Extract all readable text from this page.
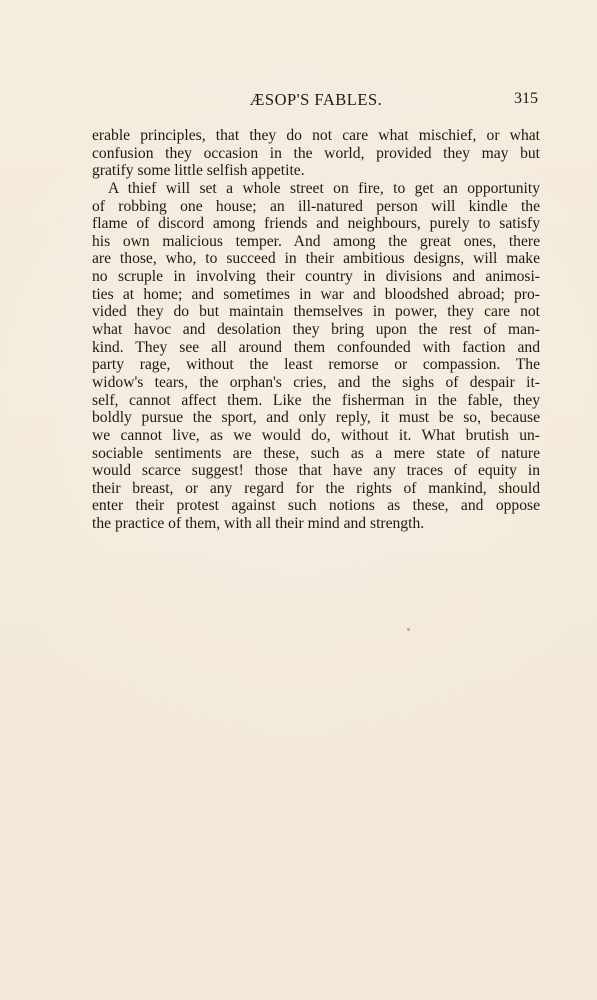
ÆSOP'S FABLES.	315
erable principles, that they do not care what mischief, or what
confusion they occasion in the world, provided they may but
gratify some little selfish appetite.
A thief will set a whole street on fire, to get an opportunity
of robbing one house; an ill-natured person will kindle the
flame of discord among friends and neighbours, purely to satisfy
his own malicious temper. And among the great ones, there
are those, who, to succeed in their ambitious designs, will make
no scruple in involving their country in divisions and animosi-
ties at home; and sometimes in war and bloodshed abroad; pro-
vided they do but maintain themselves in power, they care not
what havoc and desolation they bring upon the rest of man-
kind. They see all around them confounded with faction and
party rage, without the least remorse or compassion. The
widow's tears, the orphan's cries, and the sighs of despair it-
self, cannot affect them. Like the fisherman in the fable, they
boldly pursue the sport, and only reply, it must be so, because
we cannot live, as we would do, without it. What brutish un-
sociable sentiments are these, such as a mere state of nature
would scarce suggest! those that have any traces of equity in
their breast, or any regard for the rights of mankind, should
enter their protest against such notions as these, and oppose
the practice of them, with all their mind and strength.
